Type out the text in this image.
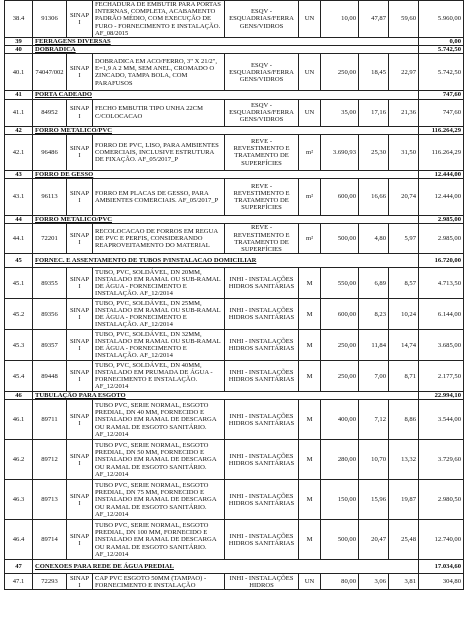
38.4	91306	SINAPI	FECHADURA DE EMBUTIR PARA PORTAS INTERNAS, COMPLETA, ACABAMENTO PADRÃO MÉDIO, COM EXECUÇÃO DE FURO - FORNECIMENTO E INSTALAÇÃO. AF_08/2015	ESQV - ESQUADRIAS/FERRAGENS/VIDROS	UN	10,00	47,87	59,60	5.960,00
39	FERRAGENS DIVERSAS								0,00
40	DOBRADICA								5.742,50
40.1	74047/002	SINAPI	DOBRADICA EM ACO/FERRO, 3" X 21/2", E=1,9 A 2 MM, SEM ANEL, CROMADO O ZINCADO, TAMPA BOLA, COM PARAFUSOS	ESQV - ESQUADRIAS/FERRAGENS/VIDROS	UN	250,00	18,45	22,97	5.742,50
41	PORTA CADEADO								747,60
41.1	84952	SINAPI	FECHO EMBUTIR TIPO UNHA 22CM C/COLOCACAO	ESQV - ESQUADRIAS/FERRAGENS/VIDROS	UN	35,00	17,16	21,36	747,60
42	FORRO METALICO/PVC								116.264,29
42.1	96486	SINAPI	FORRO DE PVC, LISO, PARA AMBIENTES COMERCIAIS, INCLUSIVE ESTRUTURA DE FIXAÇÃO. AF_05/2017_P	REVE - REVESTIMENTO E TRATAMENTO DE SUPERFÍCIES	m²	3.690,93	25,30	31,50	116.264,29
43	FORRO DE GESSO								12.444,00
43.1	96113	SINAPI	FORRO EM PLACAS DE GESSO, PARA AMBIENTES COMERCIAIS. AF_05/2017_P	REVE - REVESTIMENTO E TRATAMENTO DE SUPERFÍCIES	m²	600,00	16,66	20,74	12.444,00
44	FORRO METALICO/PVC								2.985,00
44.1	72201	SINAPI	RECOLOCACAO DE FORROS EM REGUA DE PVC E PERFIS, CONSIDERANDO REAPROVEITAMENTO DO MATERIAL	REVE - REVESTIMENTO E TRATAMENTO DE SUPERFÍCIES	m²	500,00	4,80	5,97	2.985,00
45	FORNEC. E ASSENTAMENTO DE TUBOS P/INSTALACAO DOMICILIAR								16.720,00
45.1	89355	SINAPI	TUBO, PVC, SOLDÁVEL, DN 20MM, INSTALADO EM RAMAL OU SUB-RAMAL DE ÁGUA - FORNECIMENTO E INSTALAÇÃO. AF_12/2014	INHI - INSTALAÇÕES HIDROS SANITÁRIAS	M	550,00	6,89	8,57	4.713,50
45.2	89356	SINAPI	TUBO, PVC, SOLDÁVEL, DN 25MM, INSTALADO EM RAMAL OU SUB-RAMAL DE ÁGUA - FORNECIMENTO E INSTALAÇÃO. AF_12/2014	INHI - INSTALAÇÕES HIDROS SANITÁRIAS	M	600,00	8,23	10,24	6.144,00
45.3	89357	SINAPI	TUBO, PVC, SOLDÁVEL, DN 32MM, INSTALADO EM RAMAL OU SUB-RAMAL DE ÁGUA - FORNECIMENTO E INSTALAÇÃO. AF_12/2014	INHI - INSTALAÇÕES HIDROS SANITÁRIAS	M	250,00	11,84	14,74	3.685,00
45.4	89448	SINAPI	TUBO, PVC, SOLDÁVEL, DN 40MM, INSTALADO EM PRUMADA DE ÁGUA - FORNECIMENTO E INSTALAÇÃO. AF_12/2014	INHI - INSTALAÇÕES HIDROS SANITÁRIAS	M	250,00	7,00	8,71	2.177,50
46	TUBULAÇÃO PARA ESGOTO								22.994,10
46.1	89711	SINAPI	TUBO PVC, SERIE NORMAL, ESGOTO PREDIAL, DN 40 MM, FORNECIDO E INSTALADO EM RAMAL DE DESCARGA OU RAMAL DE ESGOTO SANITÁRIO. AF_12/2014	INHI - INSTALAÇÕES HIDROS SANITÁRIAS	M	400,00	7,12	8,86	3.544,00
46.2	89712	SINAPI	TUBO PVC, SERIE NORMAL, ESGOTO PREDIAL, DN 50 MM, FORNECIDO E INSTALADO EM RAMAL DE DESCARGA OU RAMAL DE ESGOTO SANITÁRIO. AF_12/2014	INHI - INSTALAÇÕES HIDROS SANITÁRIAS	M	280,00	10,70	13,32	3.729,60
46.3	89713	SINAPI	TUBO PVC, SERIE NORMAL, ESGOTO PREDIAL, DN 75 MM, FORNECIDO E INSTALADO EM RAMAL DE DESCARGA OU RAMAL DE ESGOTO SANITÁRIO. AF_12/2014	INHI - INSTALAÇÕES HIDROS SANITÁRIAS	M	150,00	15,96	19,87	2.980,50
46.4	89714	SINAPI	TUBO PVC, SERIE NORMAL, ESGOTO PREDIAL, DN 100 MM, FORNECIDO E INSTALADO EM RAMAL DE DESCARGA OU RAMAL DE ESGOTO SANITÁRIO. AF_12/2014	INHI - INSTALAÇÕES HIDROS SANITÁRIAS	M	500,00	20,47	25,48	12.740,00
47	CONEXOES PARA REDE DE ÁGUA PREDIAL								17.034,60
47.1	72293	SINAPI	CAP PVC ESGOTO 50MM (TAMPAO) - FORNECIMENTO E INSTALAÇÃO	INHI - INSTALAÇÕES HIDROS	UN	80,00	3,06	3,81	304,80
